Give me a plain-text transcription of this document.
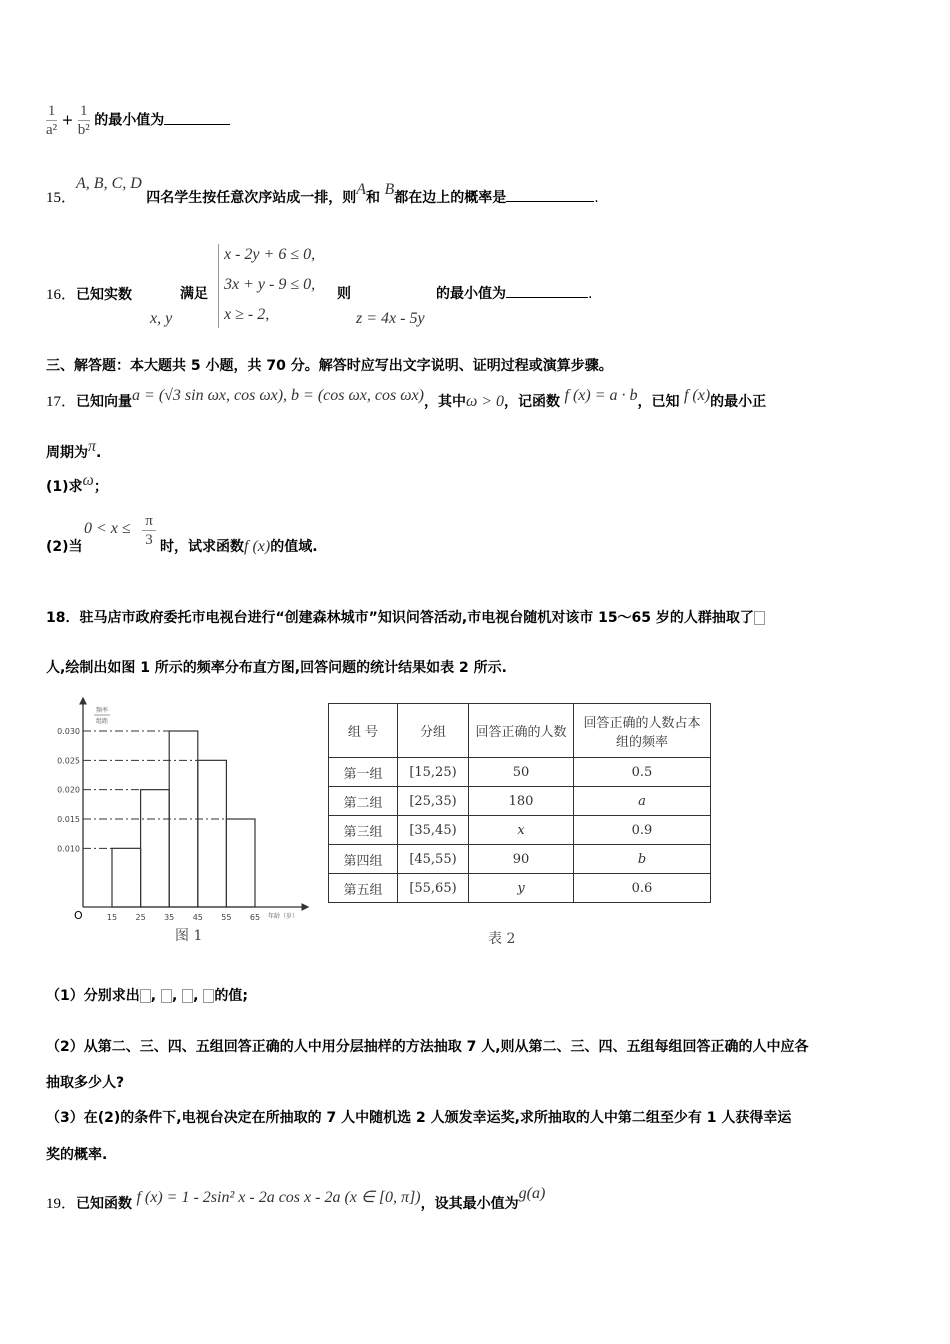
$\frac{1}{\text{a²}} + \frac{1}{\text{b²}}$ 的最小值为
15．A, B, C, D 四名学生按任意次序站成一排，则A和 B都在边上的概率是	.
16．已知实数
x, y
满足
x - 2y + 6 ≤ 0,
3x + y - 9 ≤ 0,
x ≥ - 2,
则
z = 4x - 5y
的最小值为	.
三、解答题：本大题共 5 小题，共 70 分。解答时应写出文字说明、证明过程或演算步骤。
17．已知向量a = (√3 sin ωx, cos ωx), b = (cos ωx, cos ωx)，其中ω > 0，记函数 f (x) = a · b，已知 f (x)的最小正
周期为π.
(1)求ω；
(2)当
$0 < x \le \frac{\pi}{3}$ 时，试求函数f (x)的值域.
18．驻马店市政府委托市电视台进行“创建森林城市”知识问答活动,市电视台随机对该市 15～65 岁的人群抽取了
人,绘制出如图 1 所示的频率分布直方图,回答问题的统计结果如表 2 所示.
0.010
0.015
0.020
0.025
0.030
15 25 35 45 55 65
O
频率
组距
年龄（岁）
图 1
组 号	分组	回答正确的人数	回答正确的人数占本组的频率
第一组	[15,25)	50	0.5
第二组	[25,35)	180	a
第三组	[35,45)	x	0.9
第四组	[45,55)	90	b
第五组	[55,65)	y	0.6
表 2
（1）分别求出 , , , 的值;
（2）从第二、三、四、五组回答正确的人中用分层抽样的方法抽取 7 人,则从第二、三、四、五组每组回答正确的人中应各
抽取多少人?
（3）在(2)的条件下,电视台决定在所抽取的 7 人中随机选 2 人颁发幸运奖,求所抽取的人中第二组至少有 1 人获得幸运
奖的概率.
19．已知函数 f (x) = 1 - 2sin² x - 2a cos x - 2a (x ∈ [0, π])，设其最小值为g(a)
